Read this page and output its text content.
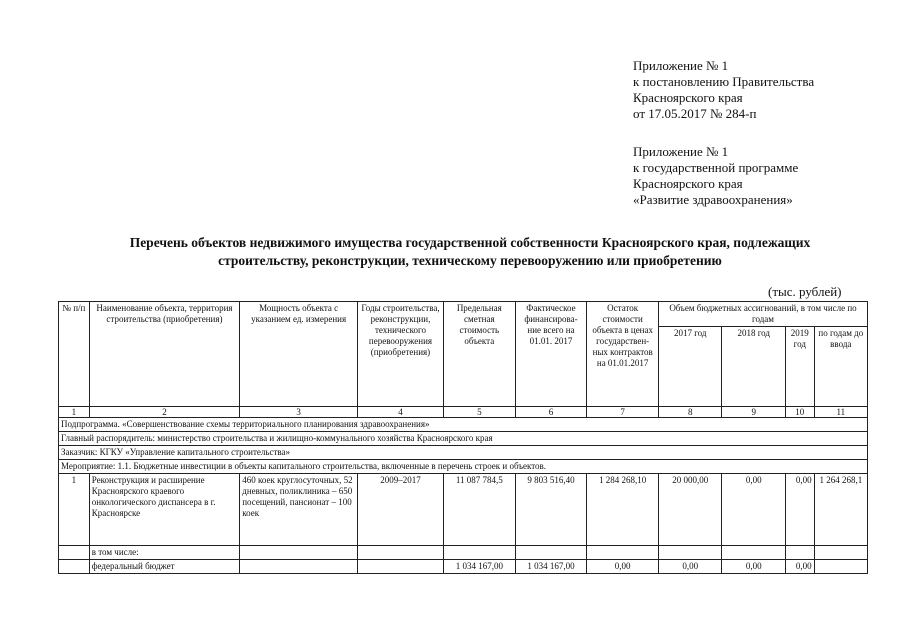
Приложение № 1
к постановлению Правительства
Красноярского края
от 17.05.2017 № 284-п
Приложение № 1
к государственной программе
Красноярского края
«Развитие здравоохранения»
Перечень объектов недвижимого имущества государственной собственности Красноярского края, подлежащих
строительству, реконструкции, техническому перевооружению или приобретению
(тыс. рублей)
№ п/п	Наименование объекта, территория строительства (приобретения)	Мощность объекта с указанием ед. измерения	Годы строительства, реконструкции, технического перевооружения (приобретения)	Предельная сметная стоимость объекта	Фактическое финансирова-ние всего на 01.01. 2017	Остаток стоимости объекта в ценах государствен-ных контрактов на 01.01.2017	Объем бюджетных ассигнований, в том числе по годам			
							2017 год	2018 год	2019 год	по годам до ввода
1	2	3	4	5	6	7	8	9	10	11
Подпрограмма. «Совершенствование схемы территориального планирования здравоохранения»										
Главный распорядитель: министерство строительства и жилищно-коммунального хозяйства Красноярского края										
Заказчик: КГКУ «Управление капитального строительства»										
Мероприятие: 1.1. Бюджетные инвестиции в объекты капитального строительства, включенные в перечень строек и объектов.										
1	Реконструкция и расширение Красноярского краевого онкологического диспансера в г. Красноярске	460 коек круглосуточных, 52 дневных, поликлиника – 650 посещений, пансионат – 100 коек	2009–2017	11 087 784,5	9 803 516,40	1 284 268,10	20 000,00	0,00	0,00	1 264 268,1
	в том числе:									
	федеральный бюджет			1 034 167,00	1 034 167,00	0,00	0,00	0,00	0,00	
